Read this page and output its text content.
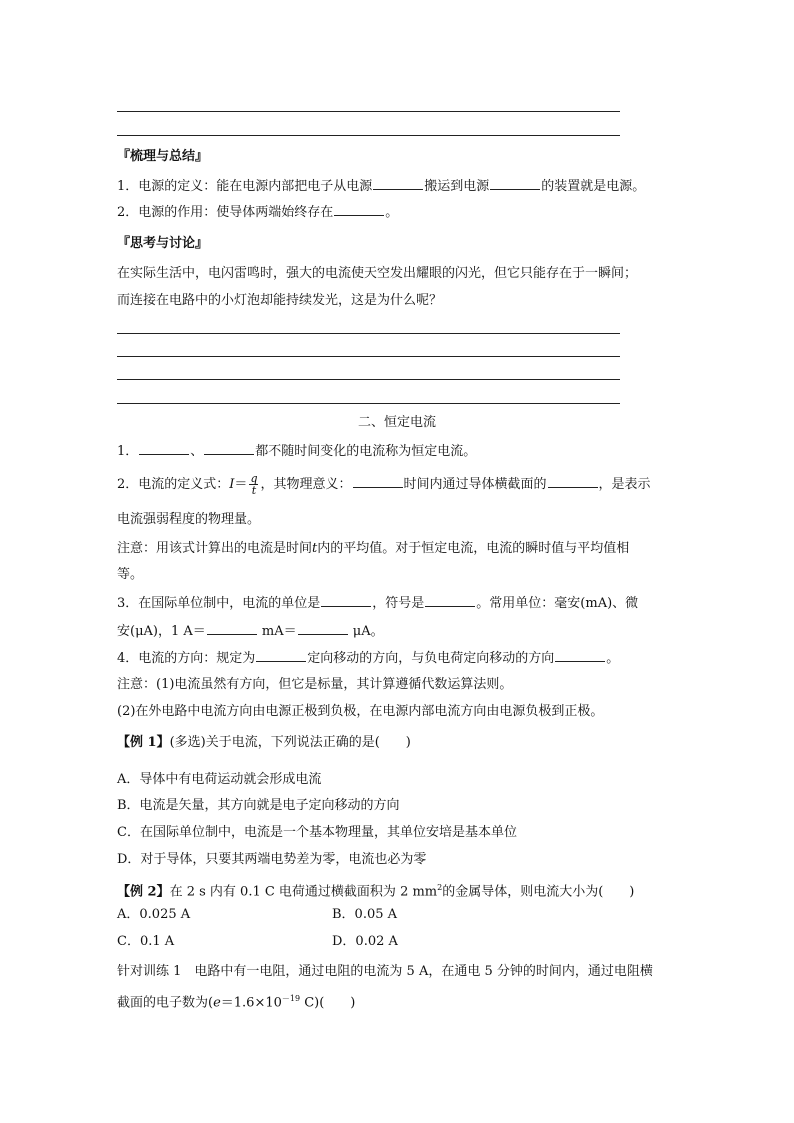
『梳理与总结』
1．电源的定义：能在电源内部把电子从电源	搬运到电源	的装置就是电源。
2．电源的作用：使导体两端始终存在	。
『思考与讨论』
在实际生活中，电闪雷鸣时，强大的电流使天空发出耀眼的闪光，但它只能存在于一瞬间；
而连接在电路中的小灯泡却能持续发光，这是为什么呢？
二、恒定电流
1．	、	都不随时间变化的电流称为恒定电流。
2．电流的定义式：$I= \frac{q}{t}$ ，其物理意义：	时间内通过导体横截面的	，是表示
电流强弱程度的物理量。
注意：用该式计算出的电流是时间t内的平均值。对于恒定电流，电流的瞬时值与平均值相
等。
3．在国际单位制中，电流的单位是	，符号是	。常用单位：毫安(mA)、微
安(μA)，1 A＝	mA＝	μA。
4．电流的方向：规定为	定向移动的方向，与负电荷定向移动的方向	。
注意：(1)电流虽然有方向，但它是标量，其计算遵循代数运算法则。
(2)在外电路中电流方向由电源正极到负极，在电源内部电流方向由电源负极到正极。
【例 1】(多选)关于电流，下列说法正确的是(　　)
A．导体中有电荷运动就会形成电流
B．电流是矢量，其方向就是电子定向移动的方向
C．在国际单位制中，电流是一个基本物理量，其单位安培是基本单位
D．对于导体，只要其两端电势差为零，电流也必为零
【例 2】在 2 s 内有 0.1 C 电荷通过横截面积为 2 $mm^2$的金属导体，则电流大小为(　　)
A．0.025 A	B．0.05 A
C．0.1 A	D．0.02 A
针对训练 1  电路中有一电阻，通过电阻的电流为 5 A，在通电 5 分钟的时间内，通过电阻横
截面的电子数为($e=1.6\times 10^{-19}$ C)(　　)
